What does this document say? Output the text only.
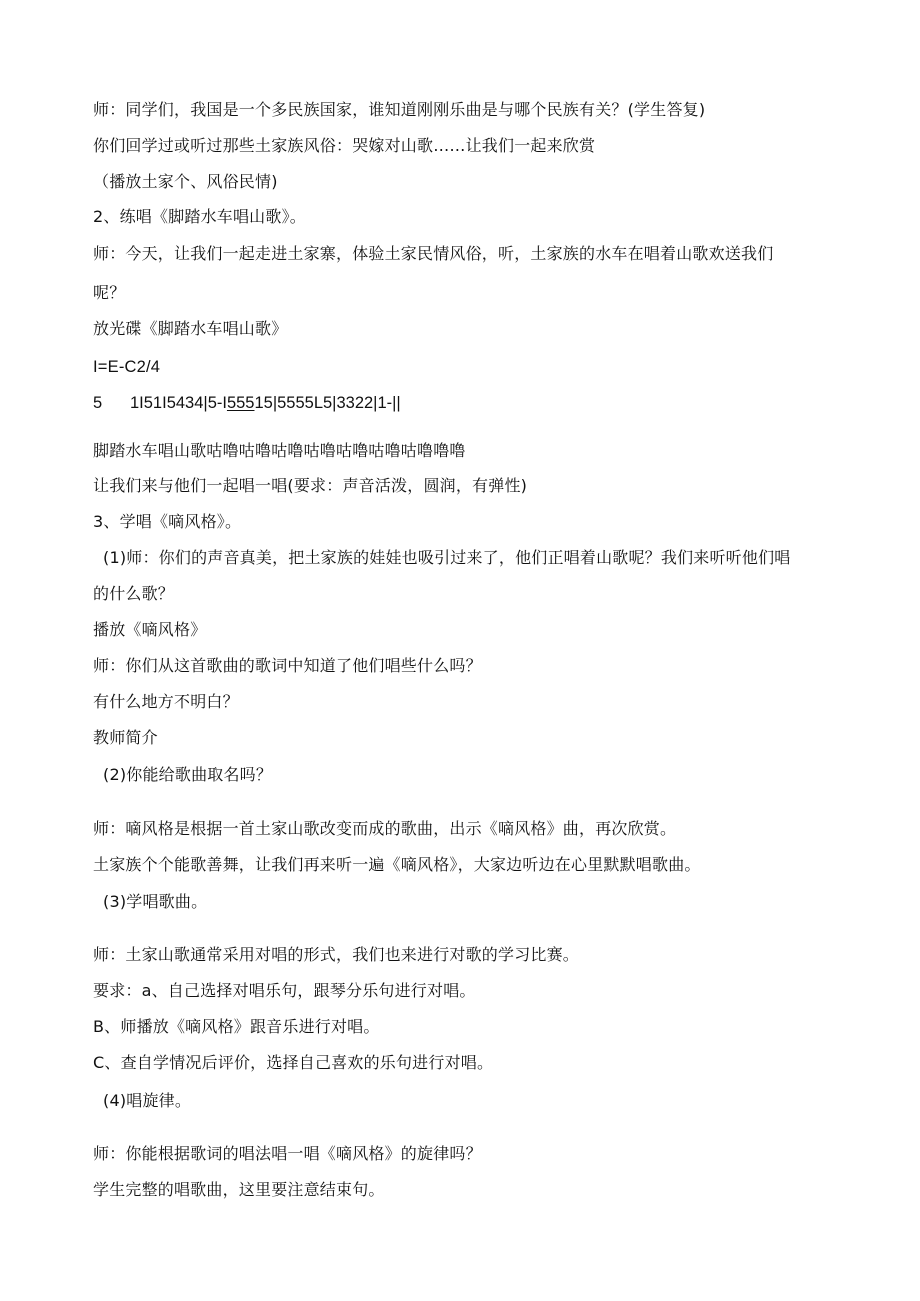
师：同学们，我国是一个多民族国家，谁知道刚刚乐曲是与哪个民族有关？(学生答复)

你们回学过或听过那些土家族风俗：哭嫁对山歌……让我们一起来欣赏

（播放土家个、风俗民情)

2、练唱《脚踏水车唱山歌》。

师：今天，让我们一起走进土家寨，体验土家民情风俗，听，土家族的水车在唱着山歌欢送我们

呢？

放光碟《脚踏水车唱山歌》

I=E-C2/4

5 1I51I5434|5-I55515|5555L5|3322|1-||

脚踏水车唱山歌咕噜咕噜咕噜咕噜咕噜咕噜咕噜噜噜

让我们来与他们一起唱一唱(要求：声音活泼，圆润，有弹性)

3、学唱《嘀风格》。

(1)师：你们的声音真美，把土家族的娃娃也吸引过来了，他们正唱着山歌呢？我们来听听他们唱

的什么歌？

播放《嘀风格》

师：你们从这首歌曲的歌词中知道了他们唱些什么吗？

有什么地方不明白？

教师简介

(2)你能给歌曲取名吗？

师：嘀风格是根据一首土家山歌改变而成的歌曲，出示《嘀风格》曲，再次欣赏。

土家族个个能歌善舞，让我们再来听一遍《嘀风格》，大家边听边在心里默默唱歌曲。

(3)学唱歌曲。

师：土家山歌通常采用对唱的形式，我们也来进行对歌的学习比赛。

要求：a、自己选择对唱乐句，跟琴分乐句进行对唱。

B、师播放《嘀风格》跟音乐进行对唱。

C、查自学情况后评价，选择自己喜欢的乐句进行对唱。

(4)唱旋律。

师：你能根据歌词的唱法唱一唱《嘀风格》的旋律吗？

学生完整的唱歌曲，这里要注意结束句。
